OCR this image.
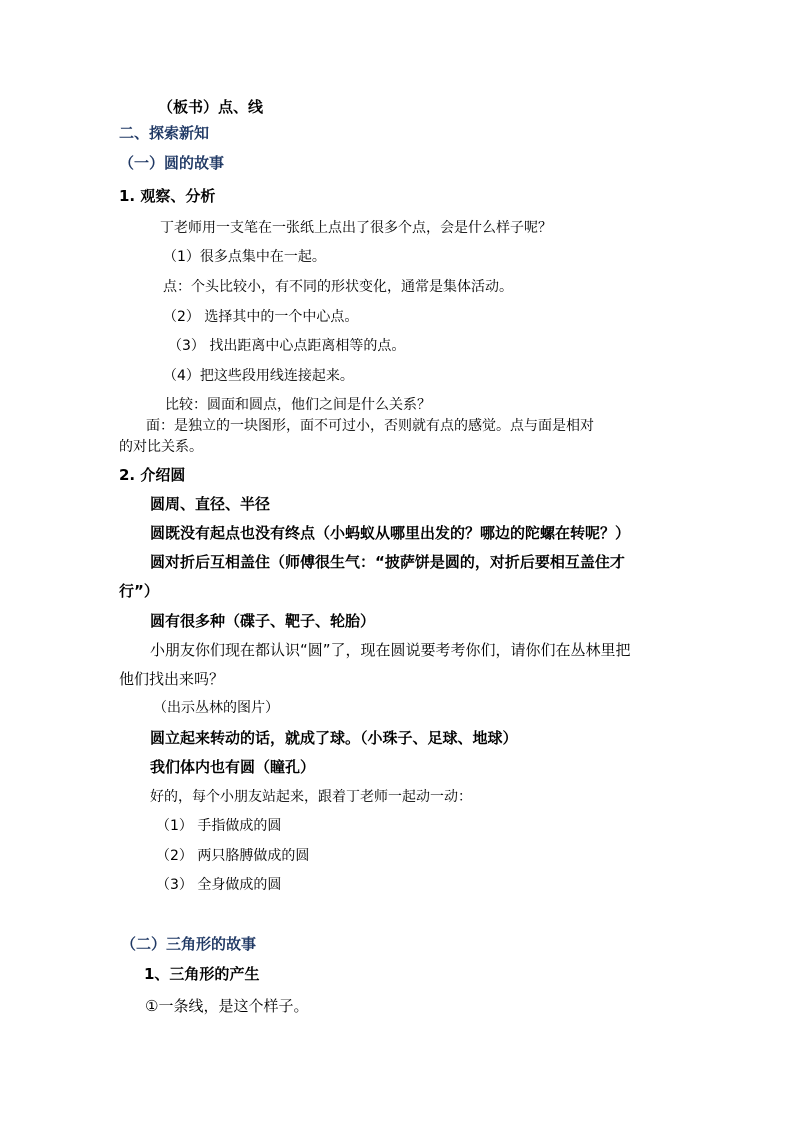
（板书）点、线
二、探索新知
（一）圆的故事
1. 观察、分析
丁老师用一支笔在一张纸上点出了很多个点，会是什么样子呢？
（1）很多点集中在一起。
点：个头比较小，有不同的形状变化，通常是集体活动。
（2） 选择其中的一个中心点。
（3） 找出距离中心点距离相等的点。
（4）把这些段用线连接起来。
比较：圆面和圆点，他们之间是什么关系？
面：是独立的一块图形，面不可过小，否则就有点的感觉。点与面是相对
的对比关系。
2. 介绍圆
圆周、直径、半径
圆既没有起点也没有终点（小蚂蚁从哪里出发的？哪边的陀螺在转呢？）
圆对折后互相盖住（师傅很生气：“披萨饼是圆的，对折后要相互盖住才
行”）
圆有很多种（碟子、靶子、轮胎）
小朋友你们现在都认识“圆”了，现在圆说要考考你们，请你们在丛林里把
他们找出来吗？
（出示丛林的图片）
圆立起来转动的话，就成了球。（小珠子、足球、地球）
我们体内也有圆（瞳孔）
好的，每个小朋友站起来，跟着丁老师一起动一动：
（1） 手指做成的圆
（2） 两只胳膊做成的圆
（3） 全身做成的圆
（二）三角形的故事
1、三角形的产生
①一条线，是这个样子。
